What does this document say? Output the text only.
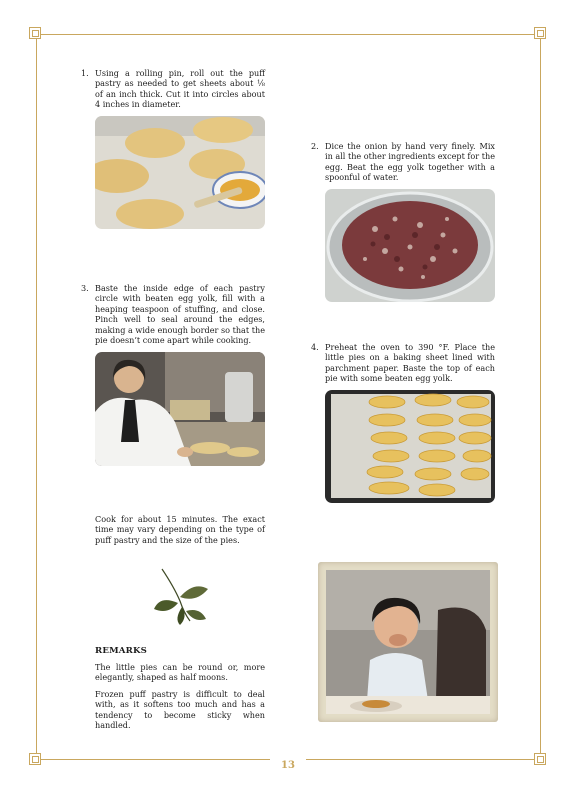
13
1. Using a rolling pin, roll out the puff pastry as needed to get sheets about ⅛ of an inch thick. Cut it into circles about 4 inches in diameter.
2. Dice the onion by hand very finely. Mix in all the other ingredients except for the egg. Beat the egg yolk together with a spoonful of water.
3. Baste the inside edge of each pastry circle with beaten egg yolk, fill with a heaping teaspoon of stuffing, and close. Pinch well to seal around the edges, making a wide enough border so that the pie doesn’t come apart while cooking.
4. Preheat the oven to 390 °F. Place the little pies on a baking sheet lined with parchment paper. Baste the top of each pie with some beaten egg yolk.
Cook for about 15 minutes. The exact time may vary depending on the type of puff pastry and the size of the pies.
REMARKS
The little pies can be round or, more elegantly, shaped as half moons.
Frozen puff pastry is difficult to deal with, as it softens too much and has a tendency to become sticky when handled.
